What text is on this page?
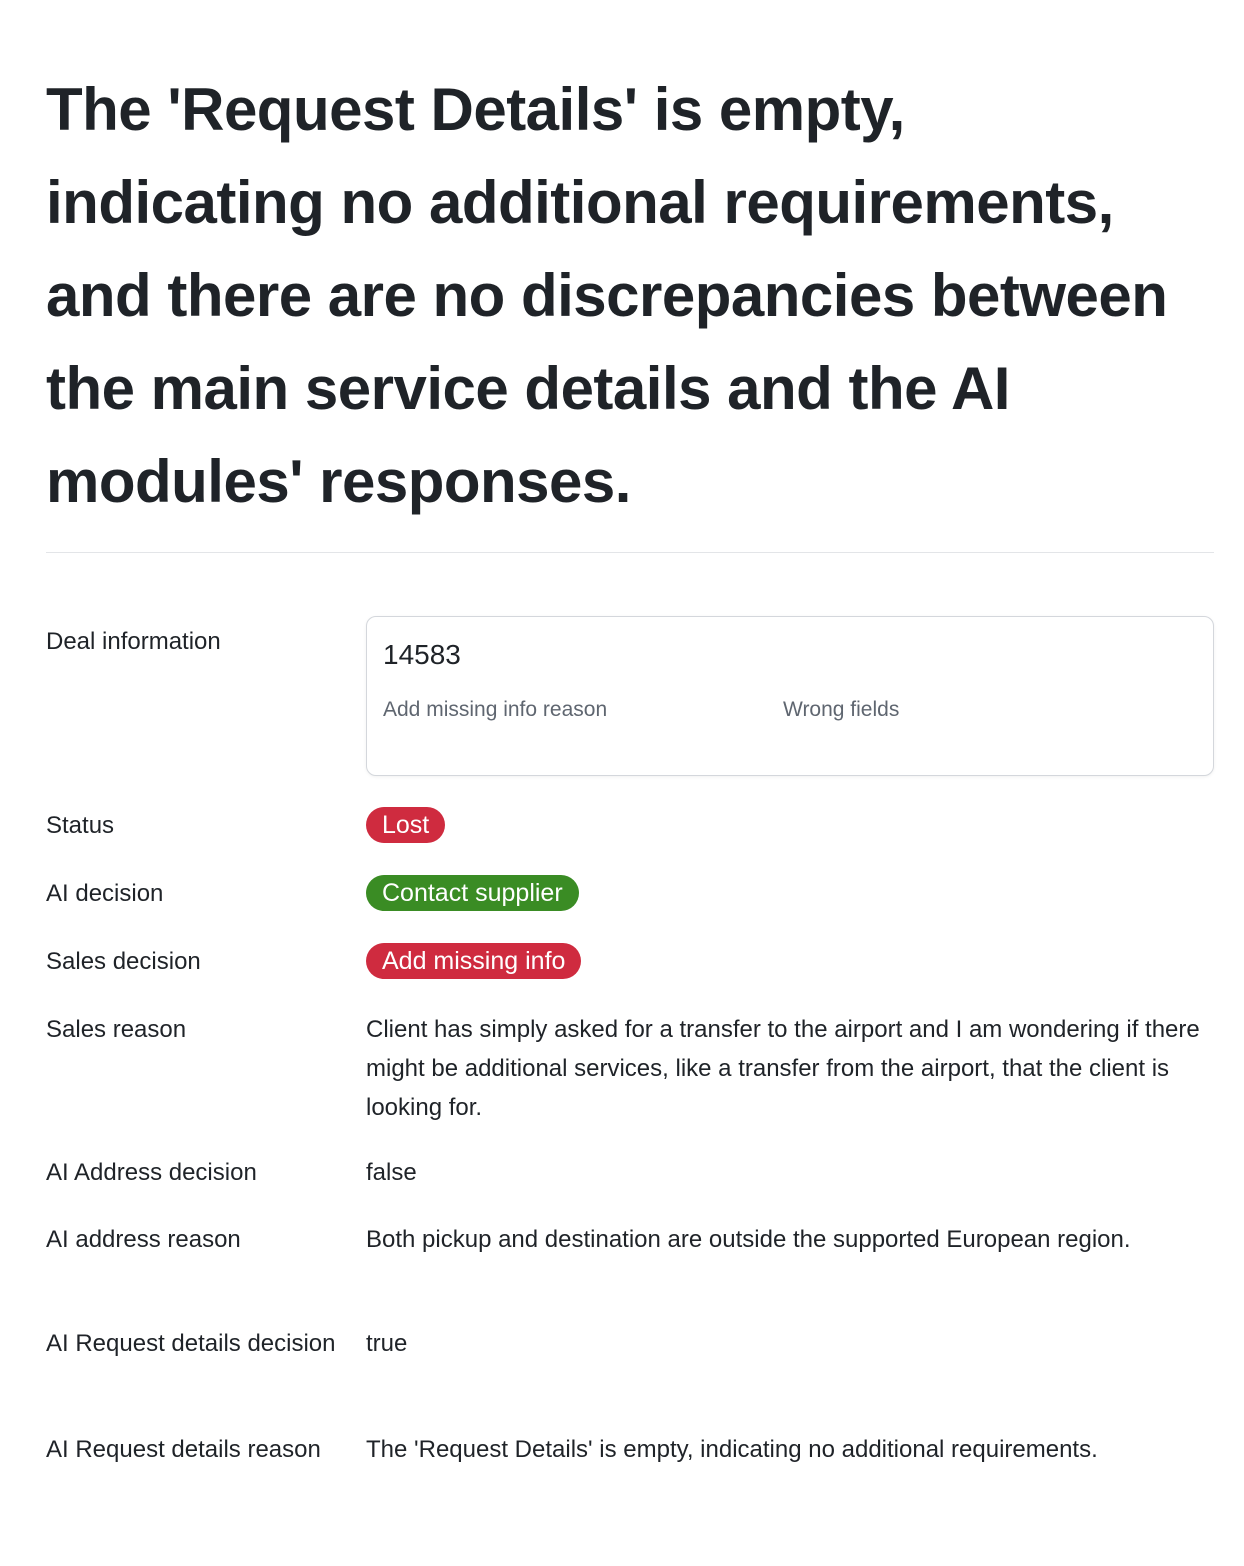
The 'Request Details' is empty, indicating no additional requirements, and there are no discrepancies between the main service details and the AI modules' responses.
Deal information	14583
Add missing info reason	Wrong fields
Status	Lost
AI decision	Contact supplier
Sales decision	Add missing info
Sales reason	Client has simply asked for a transfer to the airport and I am wondering if there might be additional services, like a transfer from the airport, that the client is looking for.
AI Address decision	false
AI address reason	Both pickup and destination are outside the supported European region.
AI Request details decision true
AI Request details reason	The 'Request Details' is empty, indicating no additional requirements.
